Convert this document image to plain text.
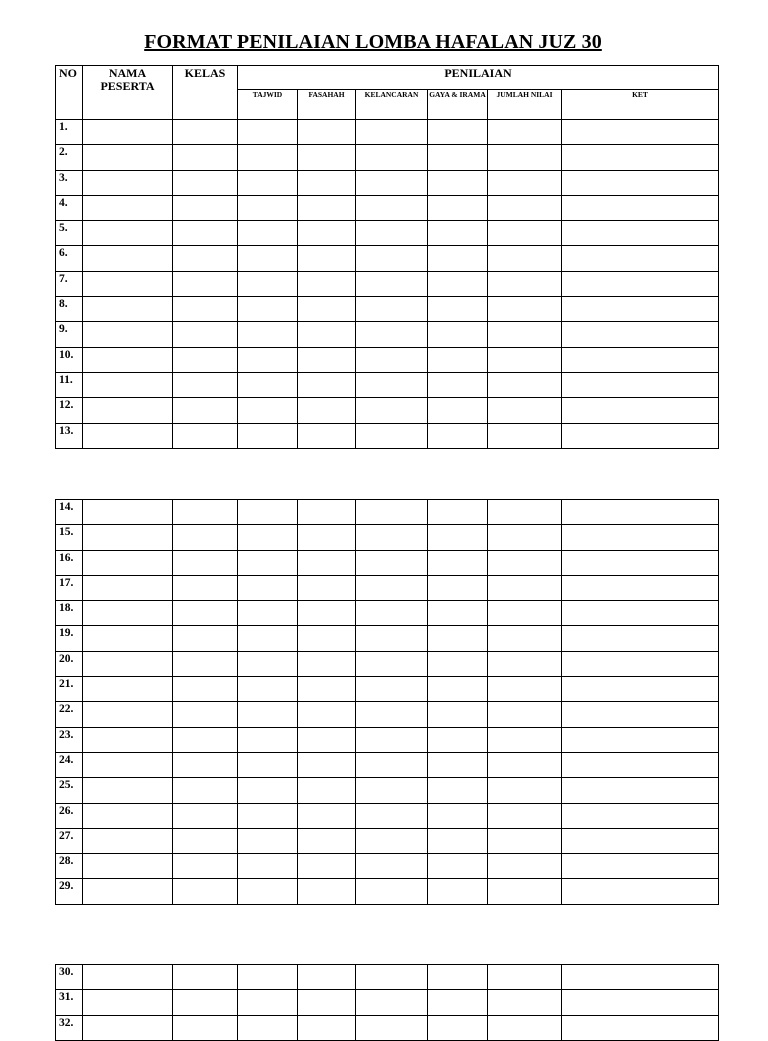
FORMAT PENILAIAN LOMBA HAFALAN JUZ 30
NO	NAMA PESERTA	KELAS	PENILAIAN					
			TAJWID	FASAHAH	KELANCARAN	GAYA & IRAMA	JUMLAH NILAI	KET
1.								
2.								
3.								
4.								
5.								
6.								
7.								
8.								
9.								
10.								
11.								
12.								
13.								
14.								
15.								
16.								
17.								
18.								
19.								
20.								
21.								
22.								
23.								
24.								
25.								
26.								
27.								
28.								
29.								
30.								
31.								
32.								
